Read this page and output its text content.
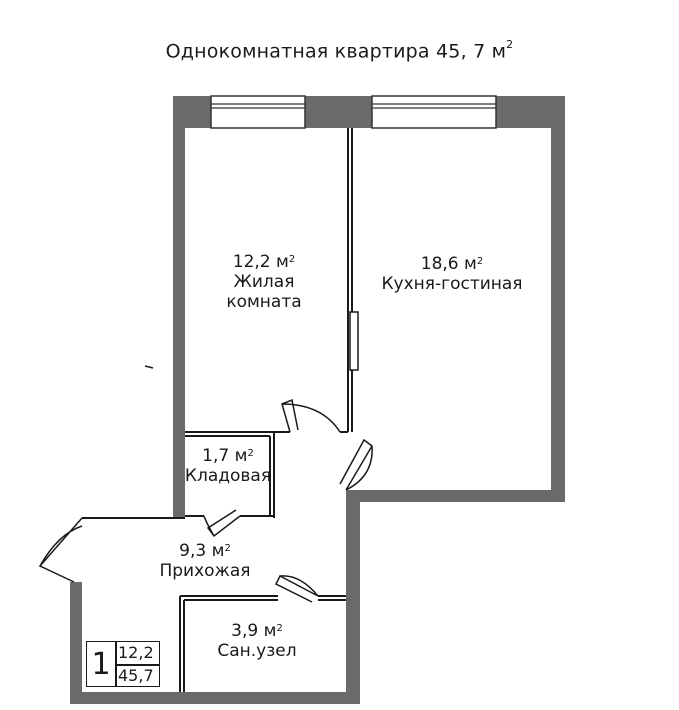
Однокомнатная квартира 45, 7 $м^2$
12,2 $м^2$
Жилая
комната
18,6 $м^2$
Кухня-гостиная
1,7 $м^2$
Кладовая
9,3 $м^2$
Прихожая
3,9 $м^2$
Сан.узел
1 12,2
45,7
